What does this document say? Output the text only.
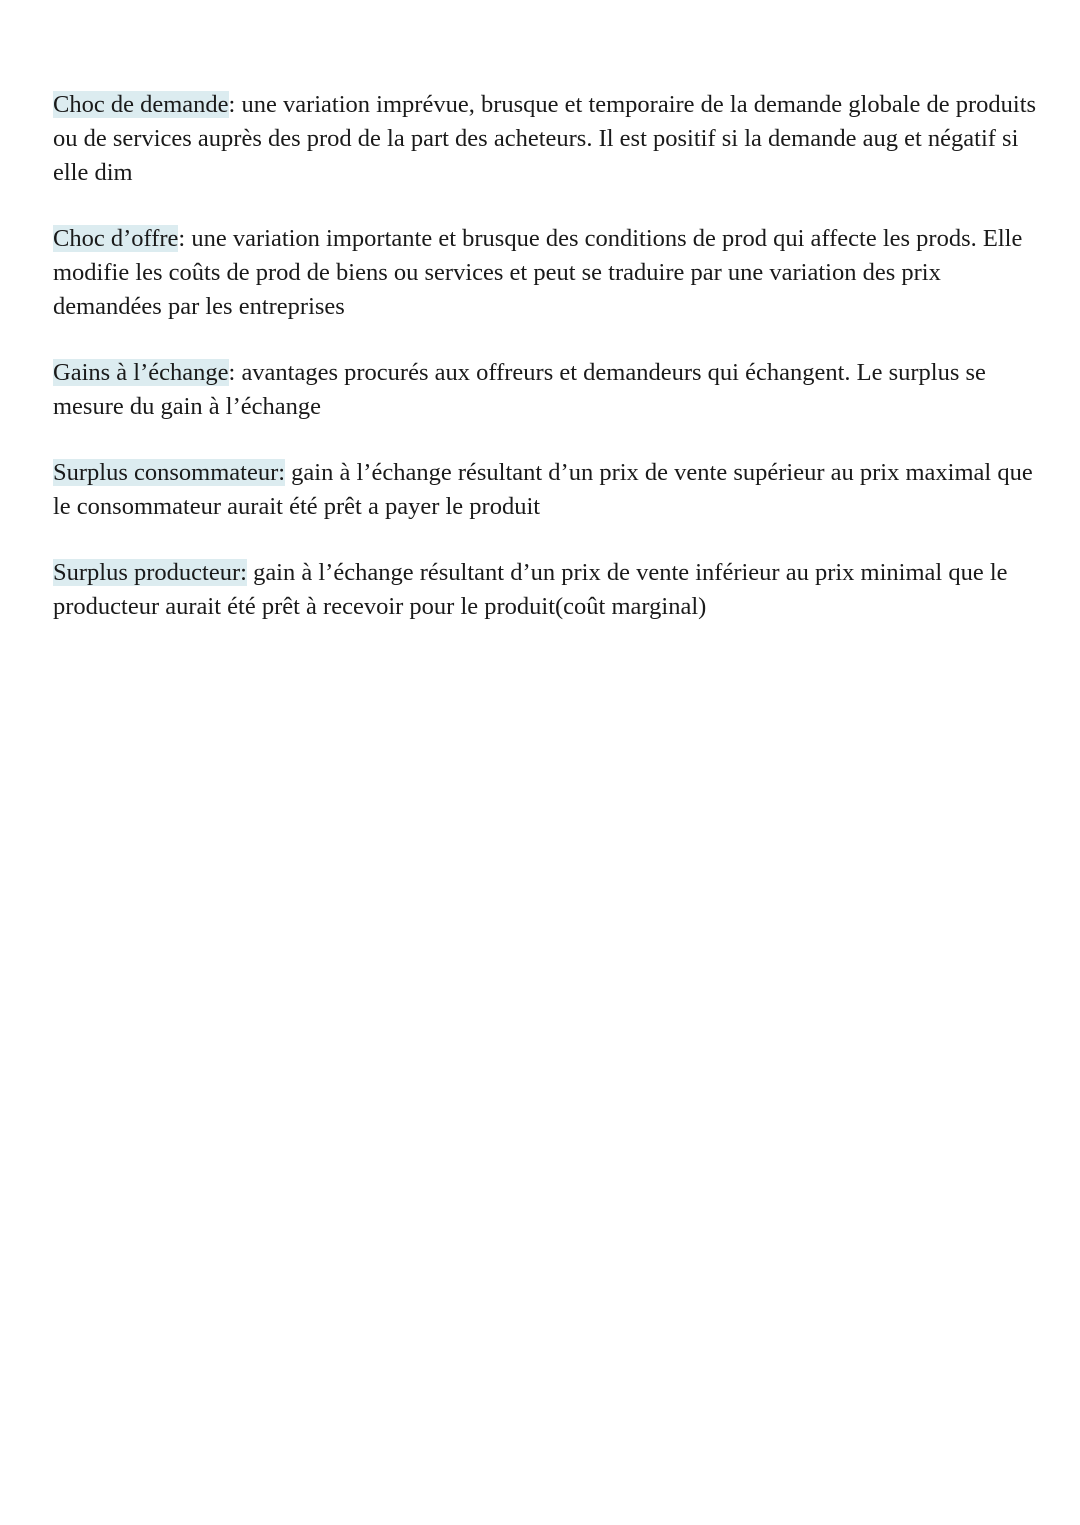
Choc de demande: une variation imprévue, brusque et temporaire de la demande globale de produits ou de services auprès des prod de la part des acheteurs. Il est positif si la demande aug et négatif si elle dim

Choc d’offre: une variation importante et brusque des conditions de prod qui affecte les prods. Elle modifie les coûts de prod de biens ou services et peut se traduire par une variation des prix demandées par les entreprises

Gains à l’échange: avantages procurés aux offreurs et demandeurs qui échangent. Le surplus se mesure du gain à l’échange

Surplus consommateur: gain à l’échange résultant d’un prix de vente supérieur au prix maximal que le consommateur aurait été prêt a payer le produit

Surplus producteur: gain à l’échange résultant d’un prix de vente inférieur au prix minimal que le producteur aurait été prêt à recevoir pour le produit(coût marginal)
